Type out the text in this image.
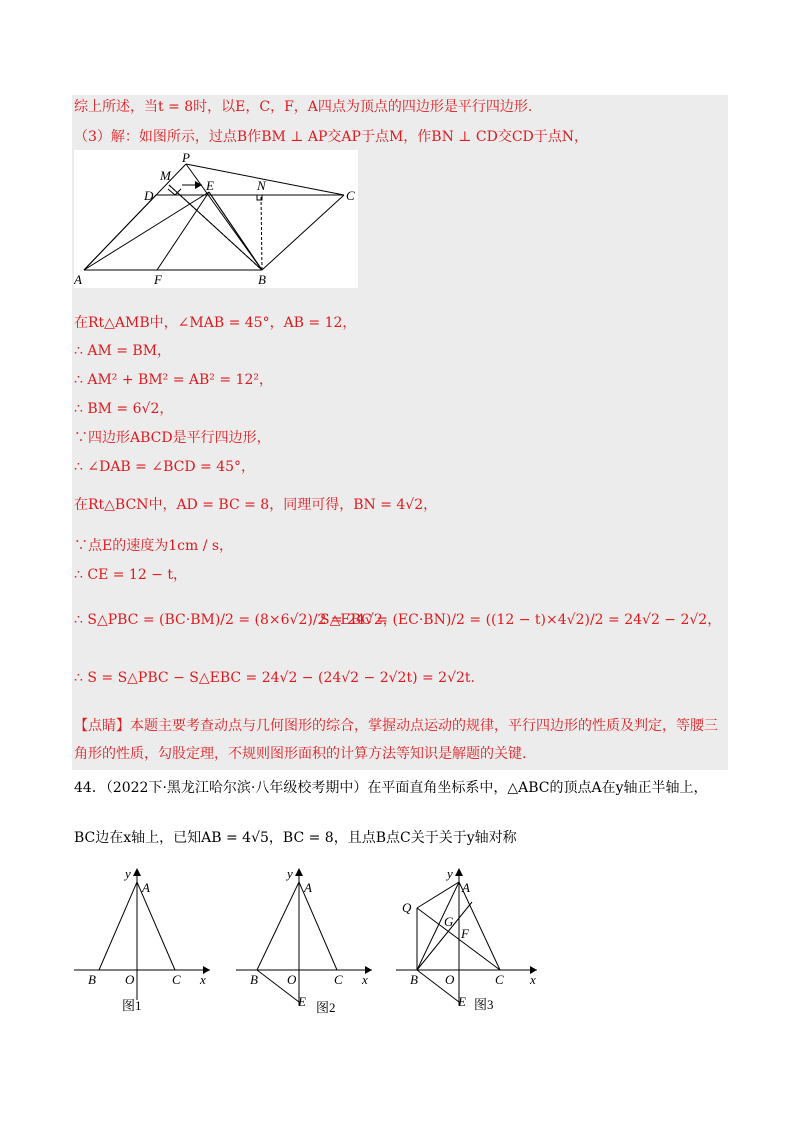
综上所述，当t = 8时，以E，C，F，A四点为顶点的四边形是平行四边形.
（3）解：如图所示，过点B作BM ⊥ AP交AP于点M，作BN ⊥ CD交CD于点N，
P
M
E	N
D	C
A	F	B
在Rt△AMB中，∠MAB = 45°，AB = 12，
∴ AM = BM，
∴ AM² + BM² = AB² = 12²，
∴ BM = 6√2，
∵四边形ABCD是平行四边形，
∴ ∠DAB = ∠BCD = 45°，
在Rt△BCN中，AD = BC = 8，同理可得，BN = 4√2，
∵点E的速度为1cm / s，
∴ CE = 12 − t，
∴ S△PBC = (BC·BM)/2 = (8×6√2)/2 = 24√2，
S△EBC = (EC·BN)/2 = ((12 − t)×4√2)/2 = 24√2 − 2√2，
∴ S = S△PBC − S△EBC = 24√2 − (24√2 − 2√2t) = 2√2t.
【点睛】本题主要考查动点与几何图形的综合，掌握动点运动的规律，平行四边形的性质及判定，等腰三
角形的性质，勾股定理，不规则图形面积的计算方法等知识是解题的关键.
44．（2022下·黑龙江哈尔滨·八年级校考期中）在平面直角坐标系中，△ABC的顶点A在y轴正半轴上，
BC边在x轴上，已知AB = 4√5，BC = 8，且点B点C关于关于y轴对称
y
A
B O	C x
图1
y
A
B O	C x
E 图2
y
A
Q
G
F
B O	C x
E 图3
